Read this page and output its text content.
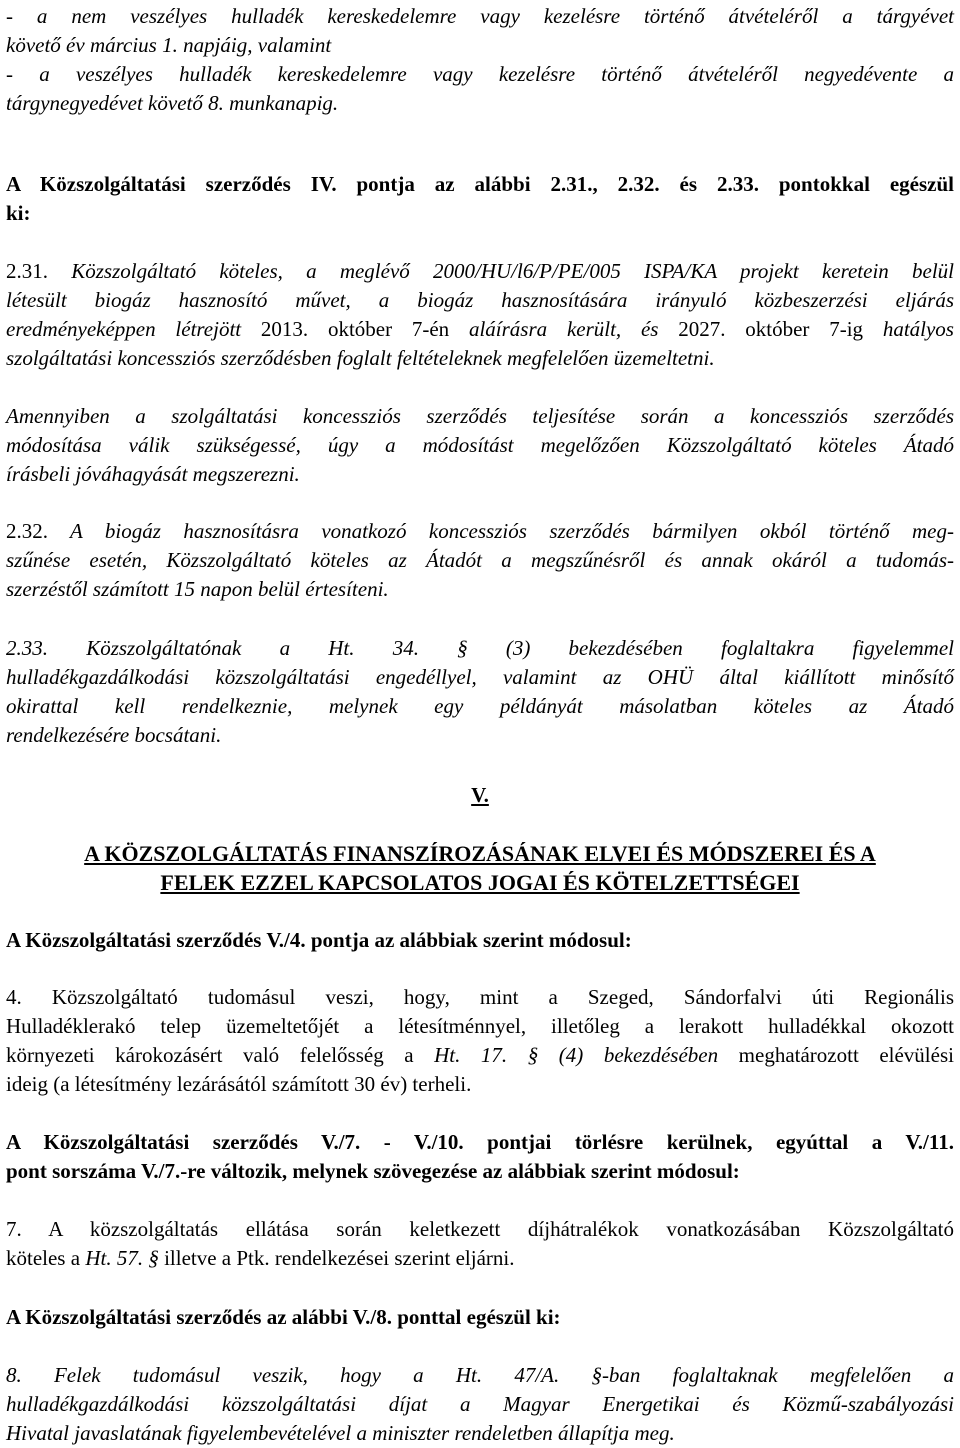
- a nem veszélyes hulladék kereskedelemre vagy kezelésre történő átvételéről a tárgyévet
követő év március 1. napjáig, valamint
- a veszélyes hulladék kereskedelemre vagy kezelésre történő átvételéről negyedévente a
tárgynegyedévet követő 8. munkanapig.
A Közszolgáltatási szerződés IV. pontja az alábbi 2.31., 2.32. és 2.33. pontokkal egészül
ki:
2.31. Közszolgáltató köteles, a meglévő 2000/HU/l6/P/PE/005 ISPA/KA projekt keretein belül
létesült biogáz hasznosító művet, a biogáz hasznosítására irányuló közbeszerzési eljárás
eredményeképpen létrejött 2013. október 7-én aláírásra került, és 2027. október 7-ig hatályos
szolgáltatási koncessziós szerződésben foglalt feltételeknek megfelelően üzemeltetni.
Amennyiben a szolgáltatási koncessziós szerződés teljesítése során a koncessziós szerződés
módosítása válik szükségessé, úgy a módosítást megelőzően Közszolgáltató köteles Átadó
írásbeli jóváhagyását megszerezni.
2.32. A biogáz hasznosításra vonatkozó koncessziós szerződés bármilyen okból történő meg-
szűnése esetén, Közszolgáltató köteles az Átadót a megszűnésről és annak okáról a tudomás-
szerzéstől számított 15 napon belül értesíteni.
2.33. Közszolgáltatónak a Ht. 34. § (3) bekezdésében foglaltakra figyelemmel
hulladékgazdálkodási közszolgáltatási engedéllyel, valamint az OHÜ által kiállított minősítő
okirattal kell rendelkeznie, melynek egy példányát másolatban köteles az Átadó
rendelkezésére bocsátani.
V.
A KÖZSZOLGÁLTATÁS FINANSZÍROZÁSÁNAK ELVEI ÉS MÓDSZEREI ÉS A
FELEK EZZEL KAPCSOLATOS JOGAI ÉS KÖTELZETTSÉGEI
A Közszolgáltatási szerződés V./4. pontja az alábbiak szerint módosul:
4. Közszolgáltató tudomásul veszi, hogy, mint a Szeged, Sándorfalvi úti Regionális
Hulladéklerakó telep üzemeltetőjét a létesítménnyel, illetőleg a lerakott hulladékkal okozott
környezeti károkozásért való felelősség a Ht. 17. § (4) bekezdésében meghatározott elévülési
ideig (a létesítmény lezárásától számított 30 év) terheli.
A Közszolgáltatási szerződés V./7. - V./10. pontjai törlésre kerülnek, egyúttal a V./11.
pont sorszáma V./7.-re változik, melynek szövegezése az alábbiak szerint módosul:
7. A közszolgáltatás ellátása során keletkezett díjhátralékok vonatkozásában Közszolgáltató
köteles a Ht. 57. § illetve a Ptk. rendelkezései szerint eljárni.
A Közszolgáltatási szerződés az alábbi V./8. ponttal egészül ki:
8. Felek tudomásul veszik, hogy a Ht. 47/A. §-ban foglaltaknak megfelelően a
hulladékgazdálkodási közszolgáltatási díjat a Magyar Energetikai és Közmű-szabályozási
Hivatal javaslatának figyelembevételével a miniszter rendeletben állapítja meg.
